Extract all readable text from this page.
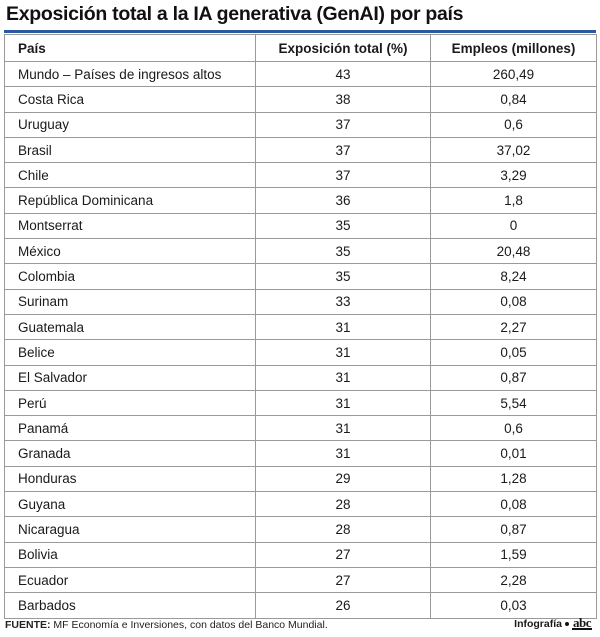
Exposición total a la IA generativa (GenAI) por país
País	Exposición total (%)	Empleos (millones)
Mundo – Países de ingresos altos	43	260,49
Costa Rica	38	0,84
Uruguay	37	0,6
Brasil	37	37,02
Chile	37	3,29
República Dominicana	36	1,8
Montserrat	35	0
México	35	20,48
Colombia	35	8,24
Surinam	33	0,08
Guatemala	31	2,27
Belice	31	0,05
El Salvador	31	0,87
Perú	31	5,54
Panamá	31	0,6
Granada	31	0,01
Honduras	29	1,28
Guyana	28	0,08
Nicaragua	28	0,87
Bolivia	27	1,59
Ecuador	27	2,28
Barbados	26	0,03
FUENTE: MF Economía e Inversiones, con datos del Banco Mundial.	Infografía abc
